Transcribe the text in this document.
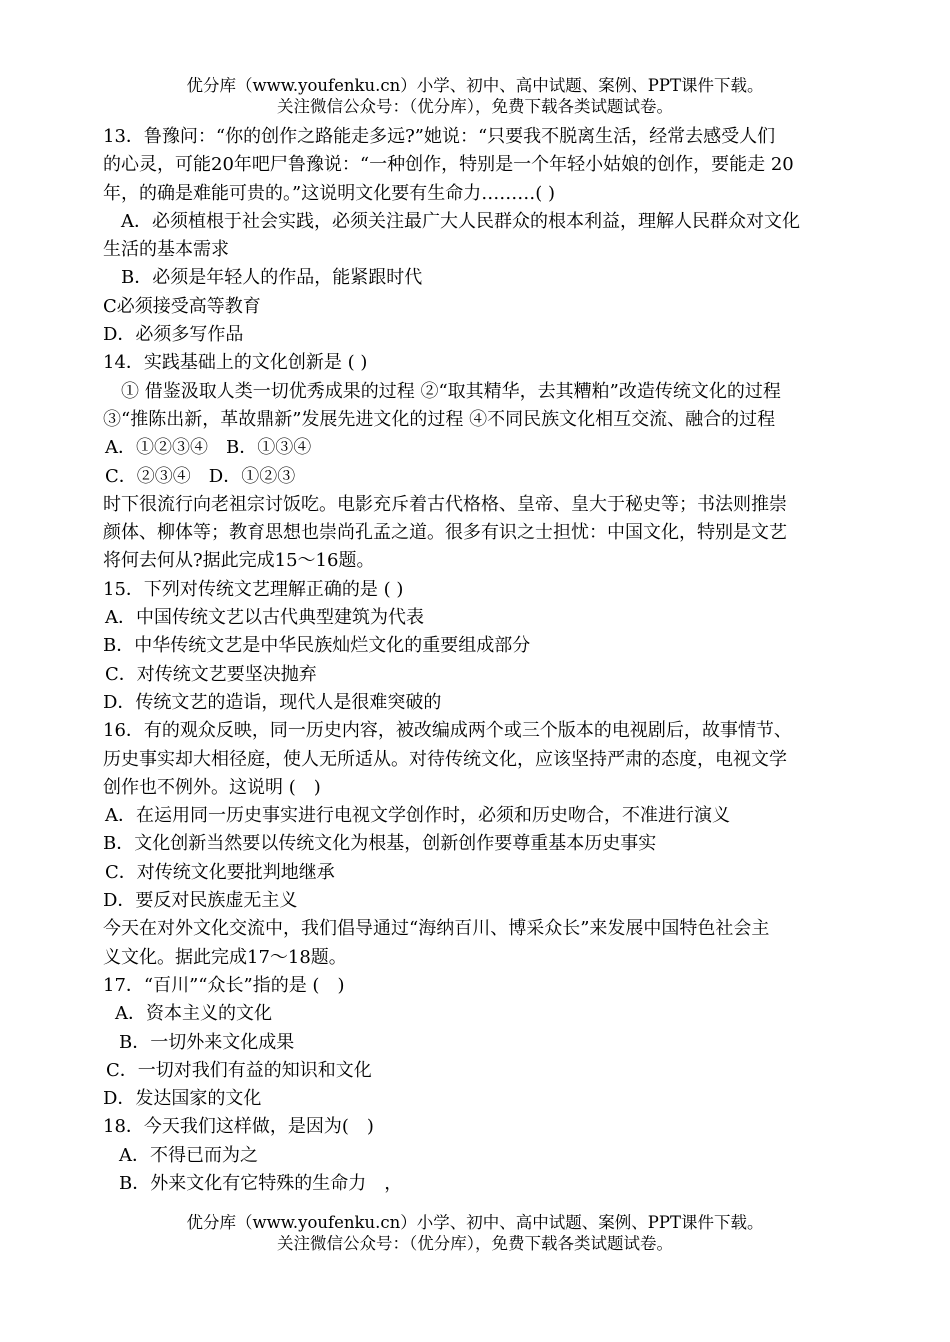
优分库（www.youfenku.cn）小学、初中、高中试题、案例、PPT课件下载。
关注微信公众号：（优分库），免费下载各类试题试卷。
13．鲁豫问：“你的创作之路能走多远?”她说：“只要我不脱离生活，经常去感受人们
的心灵，可能20年吧尸鲁豫说：“一种创作，特别是一个年轻小姑娘的创作，要能走 20
年，的确是难能可贵的。”这说明文化要有生命力………( )
A．必须植根于社会实践，必须关注最广大人民群众的根本利益，理解人民群众对文化
生活的基本需求
B．必须是年轻人的作品，能紧跟时代
C必须接受高等教育
D．必须多写作品
14．实践基础上的文化创新是 ( )
① 借鉴汲取人类一切优秀成果的过程 ②“取其精华，去其糟粕”改造传统文化的过程
③“推陈出新，革故鼎新”发展先进文化的过程 ④不同民族文化相互交流、融合的过程
A．①②③④　B．①③④
C．②③④　D．①②③
时下很流行向老祖宗讨饭吃。电影充斥着古代格格、皇帝、皇大于秘史等；书法则推崇
颜体、柳体等；教育思想也崇尚孔孟之道。很多有识之士担忧：中国文化，特别是文艺
将何去何从?据此完成15～16题。
15．下列对传统文艺理解正确的是 ( )
A．中国传统文艺以古代典型建筑为代表
B．中华传统文艺是中华民族灿烂文化的重要组成部分
C．对传统文艺要坚决抛弃
D．传统文艺的造诣，现代人是很难突破的
16．有的观众反映，同一历史内容，被改编成两个或三个版本的电视剧后，故事情节、
历史事实却大相径庭，使人无所适从。对待传统文化，应该坚持严肃的态度，电视文学
创作也不例外。这说明 (　)
A．在运用同一历史事实进行电视文学创作时，必须和历史吻合，不准进行演义
B．文化创新当然要以传统文化为根基，创新创作要尊重基本历史事实
C．对传统文化要批判地继承
D．要反对民族虚无主义
今天在对外文化交流中，我们倡导通过“海纳百川、博采众长”来发展中国特色社会主
义文化。据此完成17～18题。
17．“百川”“众长”指的是 (　)
A．资本主义的文化
B．一切外来文化成果
C．一切对我们有益的知识和文化
D．发达国家的文化
18．今天我们这样做，是因为(　)
A．不得已而为之
B．外来文化有它特殊的生命力　，
优分库（www.youfenku.cn）小学、初中、高中试题、案例、PPT课件下载。
关注微信公众号：（优分库），免费下载各类试题试卷。
